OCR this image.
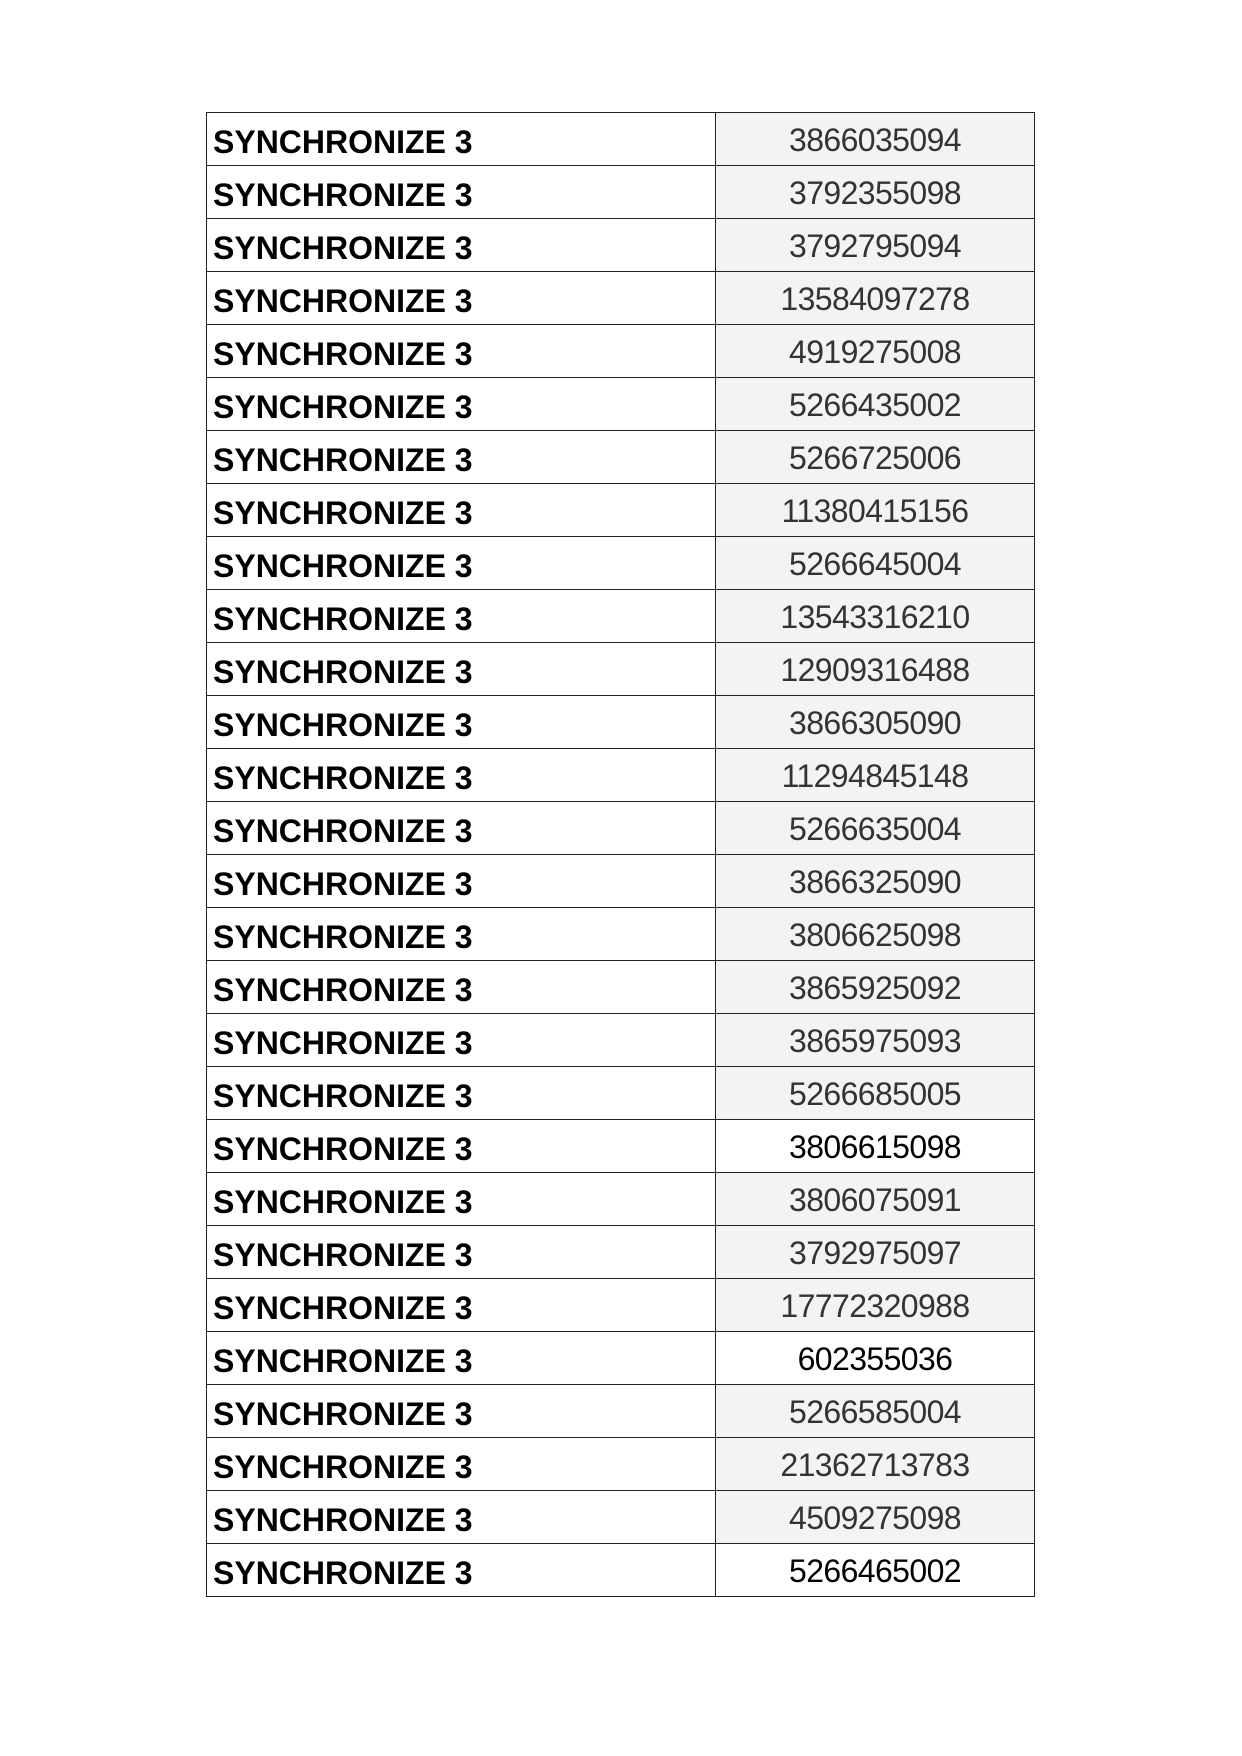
SYNCHRONIZE 3	3866035094
SYNCHRONIZE 3	3792355098
SYNCHRONIZE 3	3792795094
SYNCHRONIZE 3	13584097278
SYNCHRONIZE 3	4919275008
SYNCHRONIZE 3	5266435002
SYNCHRONIZE 3	5266725006
SYNCHRONIZE 3	11380415156
SYNCHRONIZE 3	5266645004
SYNCHRONIZE 3	13543316210
SYNCHRONIZE 3	12909316488
SYNCHRONIZE 3	3866305090
SYNCHRONIZE 3	11294845148
SYNCHRONIZE 3	5266635004
SYNCHRONIZE 3	3866325090
SYNCHRONIZE 3	3806625098
SYNCHRONIZE 3	3865925092
SYNCHRONIZE 3	3865975093
SYNCHRONIZE 3	5266685005
SYNCHRONIZE 3	3806615098
SYNCHRONIZE 3	3806075091
SYNCHRONIZE 3	3792975097
SYNCHRONIZE 3	17772320988
SYNCHRONIZE 3	602355036
SYNCHRONIZE 3	5266585004
SYNCHRONIZE 3	21362713783
SYNCHRONIZE 3	4509275098
SYNCHRONIZE 3	5266465002
